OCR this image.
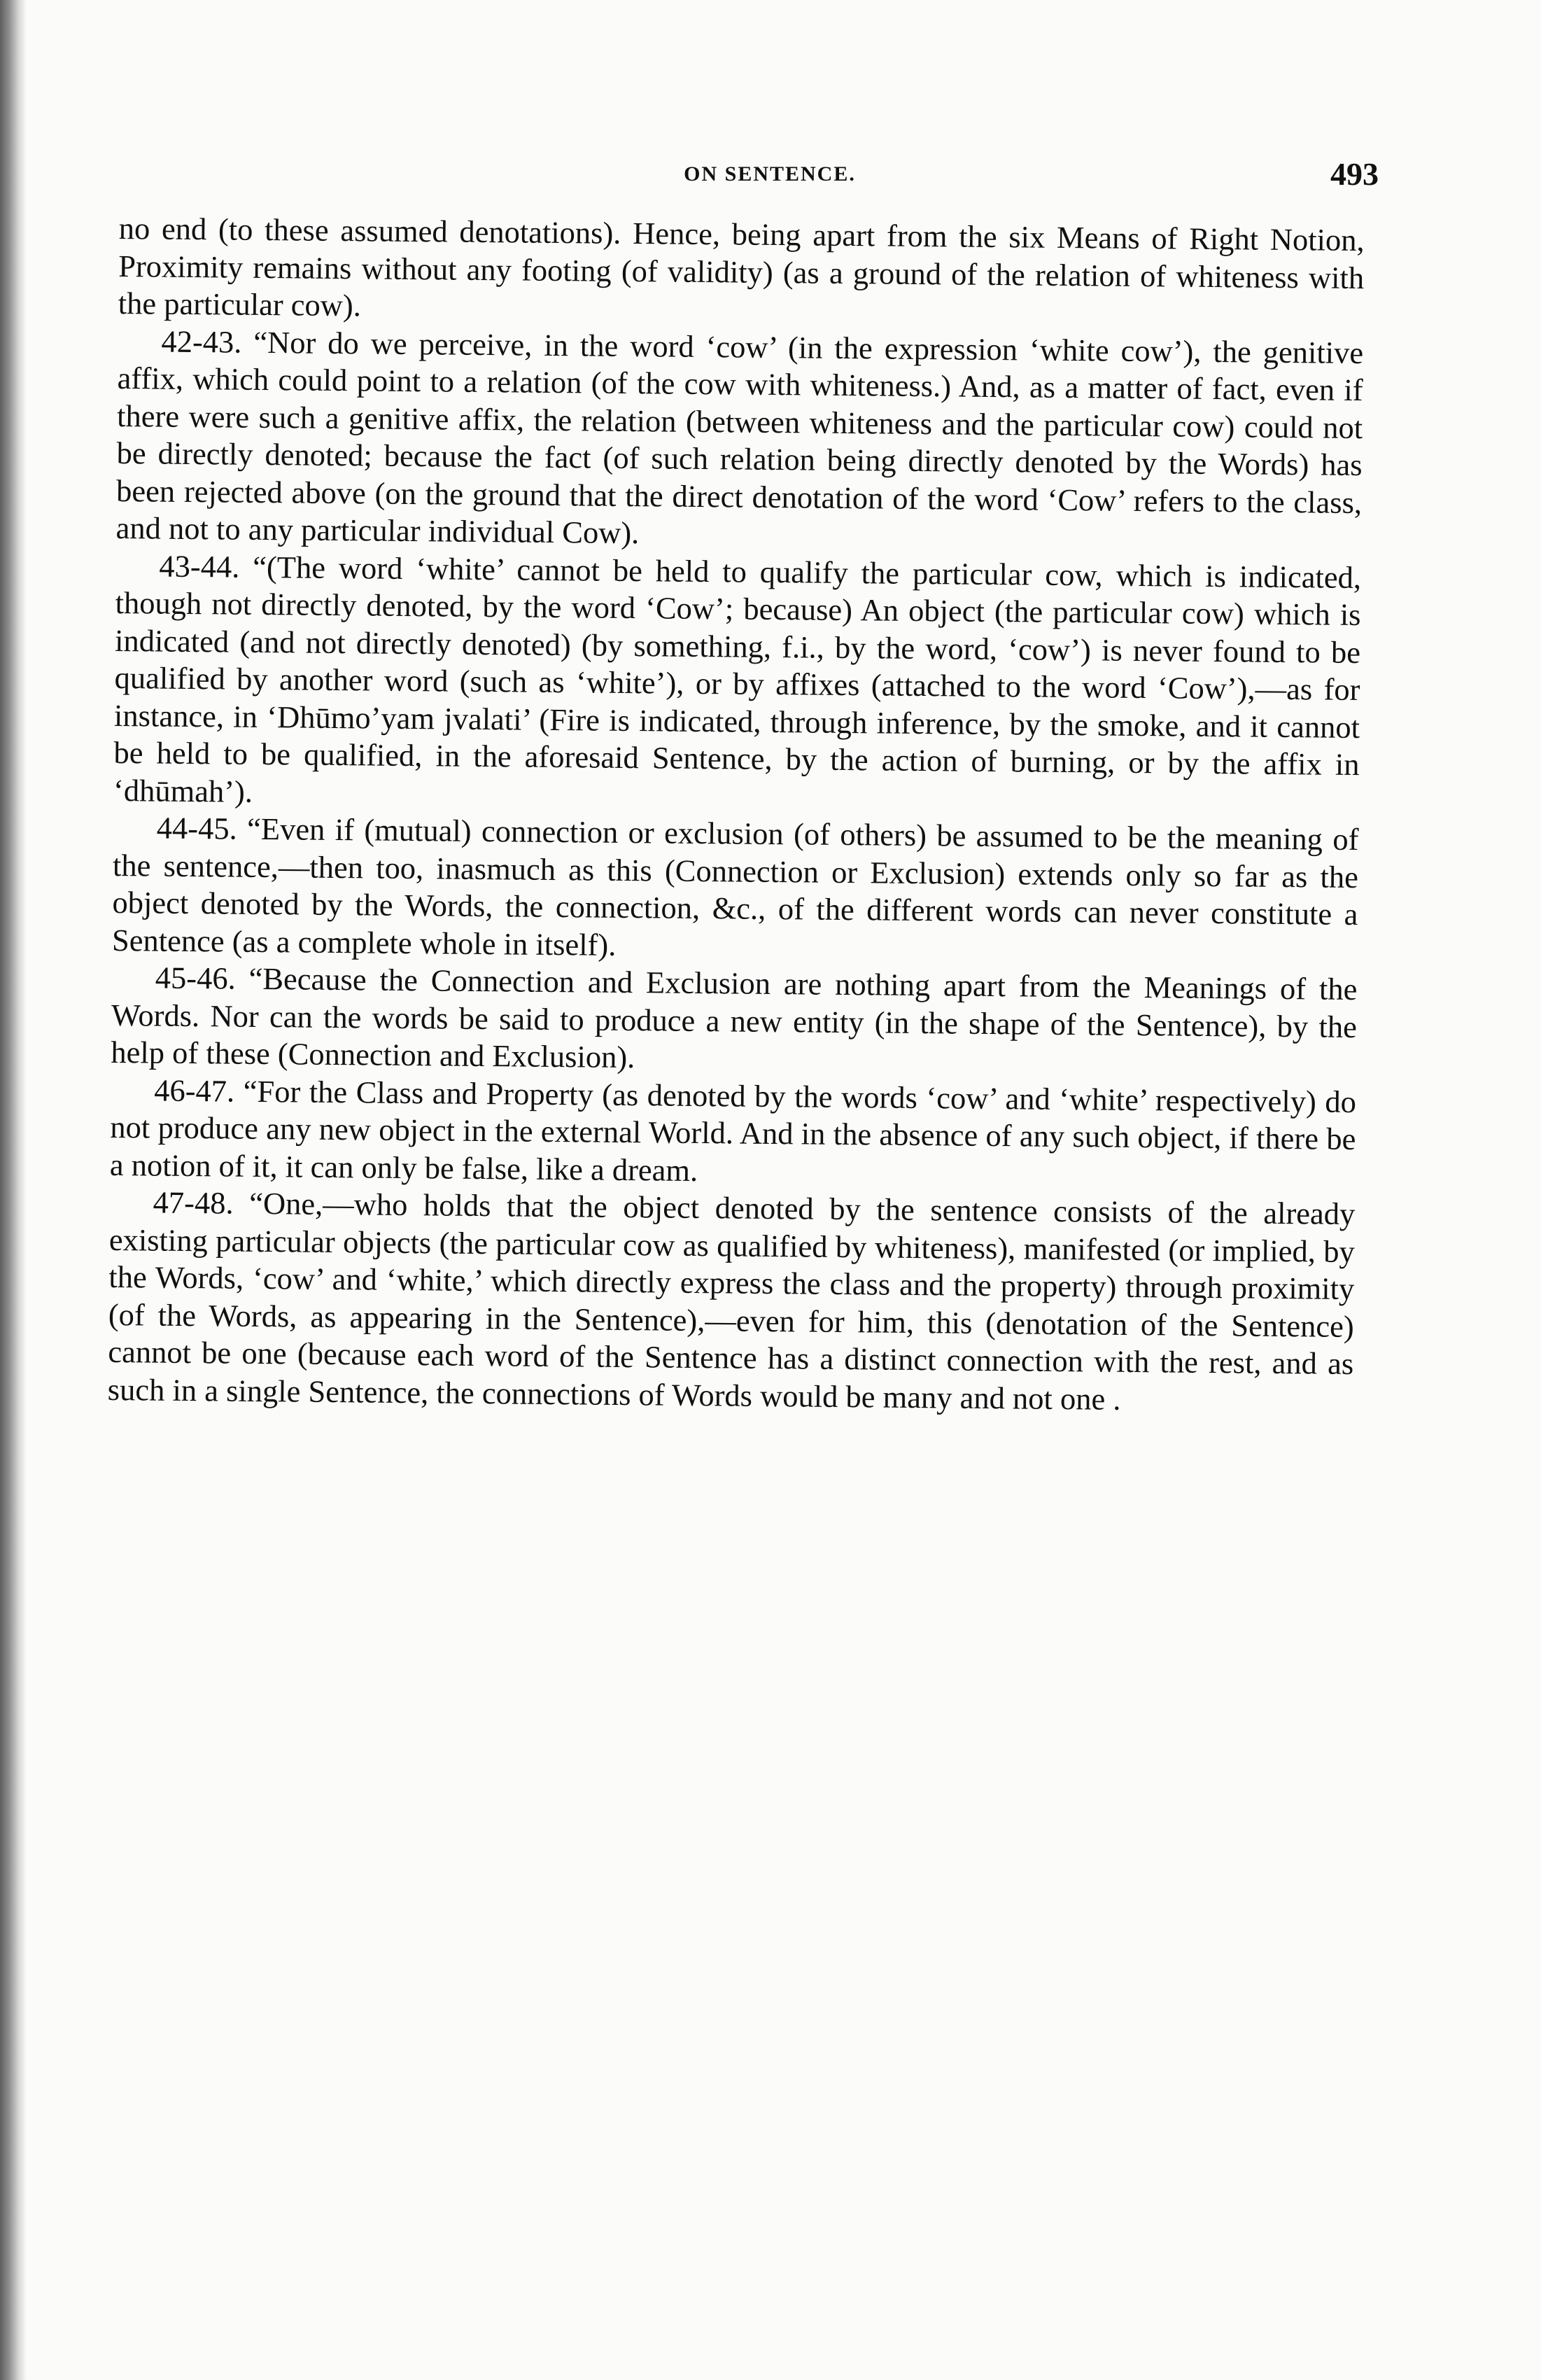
ON SENTENCE.	493

no end (to these assumed denotations). Hence, being apart from the six Means of Right Notion, Proximity remains without any footing (of validity) (as a ground of the relation of whiteness with the particular cow).

42-43. “Nor do we perceive, in the word ‘cow’ (in the expression ‘white cow’), the genitive affix, which could point to a relation (of the cow with whiteness.) And, as a matter of fact, even if there were such a genitive affix, the relation (between whiteness and the particular cow) could not be directly denoted; because the fact (of such relation being directly denoted by the Words) has been rejected above (on the ground that the direct denotation of the word ‘Cow’ refers to the class, and not to any particular individual Cow).

43-44. “(The word ‘white’ cannot be held to qualify the particular cow, which is indicated, though not directly denoted, by the word ‘Cow’; because) An object (the particular cow) which is indicated (and not directly denoted) (by something, f.i., by the word, ‘cow’) is never found to be qualified by another word (such as ‘white’), or by affixes (attached to the word ‘Cow’),—as for instance, in ‘Dhūmo’yam jvalati’ (Fire is indicated, through inference, by the smoke, and it cannot be held to be qualified, in the aforesaid Sentence, by the action of burning, or by the affix in ‘dhūmah’).

44-45. “Even if (mutual) connection or exclusion (of others) be assumed to be the meaning of the sentence,—then too, inasmuch as this (Connection or Exclusion) extends only so far as the object denoted by the Words, the connection, &c., of the different words can never constitute a Sentence (as a complete whole in itself).

45-46. “Because the Connection and Exclusion are nothing apart from the Meanings of the Words. Nor can the words be said to produce a new entity (in the shape of the Sentence), by the help of these (Connection and Exclusion).

46-47. “For the Class and Property (as denoted by the words ‘cow’ and ‘white’ respectively) do not produce any new object in the external World. And in the absence of any such object, if there be a notion of it, it can only be false, like a dream.

47-48. “One,—who holds that the object denoted by the sentence consists of the already existing particular objects (the particular cow as qualified by whiteness), manifested (or implied, by the Words, ‘cow’ and ‘white,’ which directly express the class and the property) through proximity (of the Words, as appearing in the Sentence),—even for him, this (denotation of the Sentence) cannot be one (because each word of the Sentence has a distinct connection with the rest, and as such in a single Sentence, the connections of Words would be many and not one .
